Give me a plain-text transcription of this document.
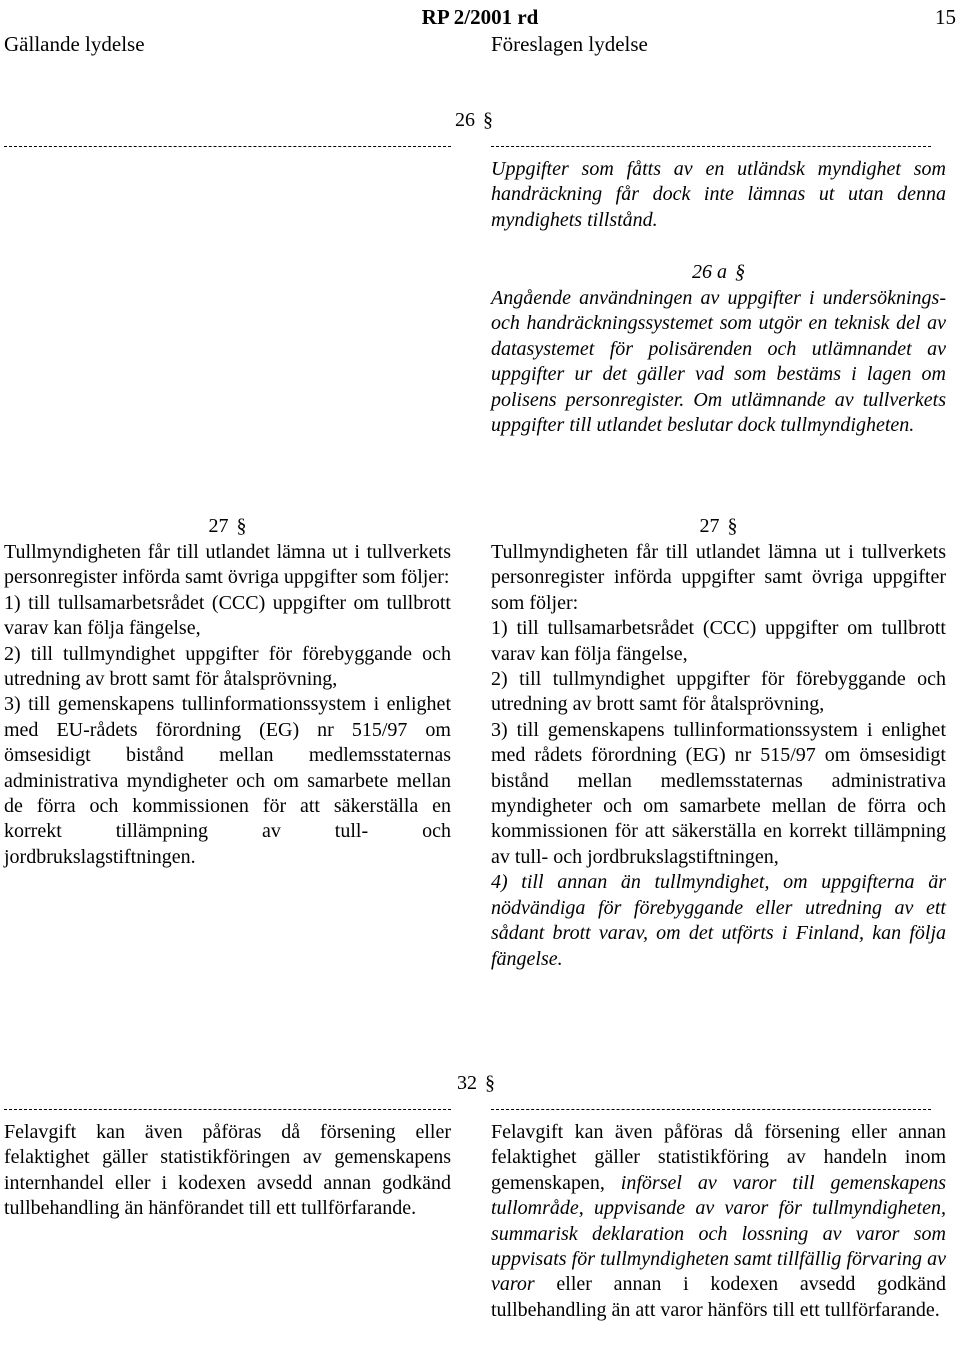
RP 2/2001 rd	15
Gällande lydelse	Föreslagen lydelse
26 §
Uppgifter som fåtts av en utländsk myndighet som handräckning får dock inte lämnas ut utan denna myndighets tillstånd.
26 a §
Angående användningen av uppgifter i undersöknings- och handräckningssystemet som utgör en teknisk del av datasystemet för polisärenden och utlämnandet av uppgifter ur det gäller vad som bestäms i lagen om polisens personregister. Om utlämnande av tullverkets uppgifter till utlandet beslutar dock tullmyndigheten.
27 §

Tullmyndigheten får till utlandet lämna ut i tullverkets personregister införda samt övriga uppgifter som följer:

1) till tullsamarbetsrådet (CCC) uppgifter om tullbrott varav kan följa fängelse,

2) till tullmyndighet uppgifter för förebyggande och utredning av brott samt för åtalsprövning,

3) till gemenskapens tullinformationssystem i enlighet med EU-rådets förordning (EG) nr 515/97 om ömsesidigt bistånd mellan medlemsstaternas administrativa myndigheter och om samarbete mellan de förra och kommissionen för att säkerställa en korrekt tillämpning av tull- och jordbrukslagstiftningen.

27 §

Tullmyndigheten får till utlandet lämna ut i tullverkets personregister införda uppgifter samt övriga uppgifter som följer:

1) till tullsamarbetsrådet (CCC) uppgifter om tullbrott varav kan följa fängelse,

2) till tullmyndighet uppgifter för förebyggande och utredning av brott samt för åtalsprövning,

3) till gemenskapens tullinformationssystem i enlighet med rådets förordning (EG) nr 515/97 om ömsesidigt bistånd mellan medlemsstaternas administrativa myndigheter och om samarbete mellan de förra och kommissionen för att säkerställa en korrekt tillämpning av tull- och jordbrukslagstiftningen,

4) till annan än tullmyndighet, om uppgifterna är nödvändiga för förebyggande eller utredning av ett sådant brott varav, om det utförts i Finland, kan följa fängelse.

32 §
Felavgift kan även påföras då försening eller felaktighet gäller statistikföringen av gemenskapens internhandel eller i kodexen avsedd annan godkänd tullbehandling än hänförandet till ett tullförfarande.
Felavgift kan även påföras då försening eller annan felaktighet gäller statistikföring av handeln inom gemenskapen, införsel av varor till gemenskapens tullområde, uppvisande av varor för tullmyndigheten, summarisk deklaration och lossning av varor som uppvisats för tullmyndigheten samt tillfällig förvaring av varor eller annan i kodexen avsedd godkänd tullbehandling än att varor hänförs till ett tullförfarande.
